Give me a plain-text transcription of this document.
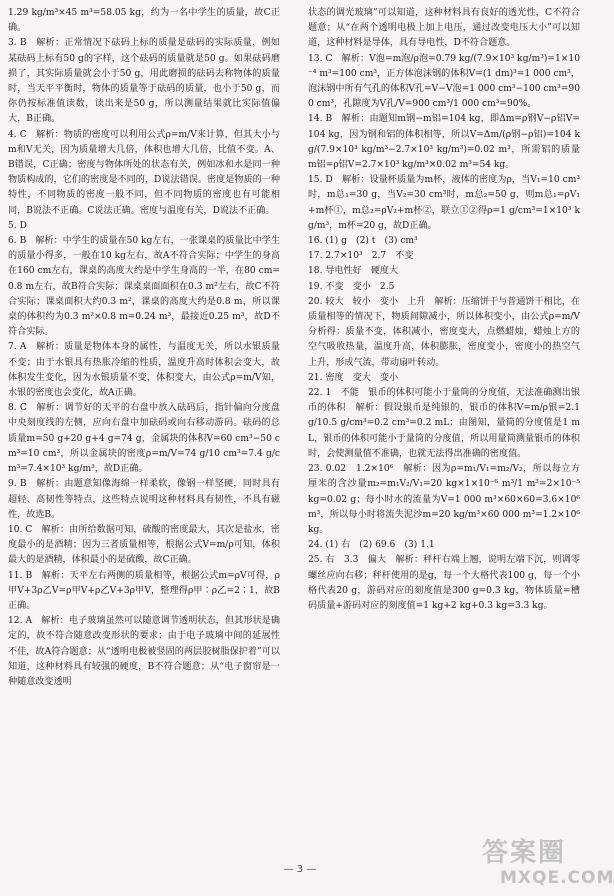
1.29 kg/m³×45 m³=58.05 kg，约为一名中学生的质量，故C正确。

3. B　解析：正常情况下砝码上标的质量是砝码的实际质量，例如某砝码上标有50 g的字样，这个砝码的质量就是50 g。如果砝码磨损了，其实际质量就会小于50 g，用此磨损的砝码去称物体的质量时，当天平平衡时，物体的质量等于砝码的质量，也小于50 g，而你仍按标准值读数，读出来是50 g，所以测量结果就比实际值偏大，B正确。

4. C　解析：物质的密度可以利用公式ρ=m/V来计算，但其大小与m和V无关，因为质量增大几倍，体积也增大几倍，比值不变。A、B错误，C正确；密度与物体所处的状态有关，例如冰和水是同一种物质构成的，它们的密度是不同的，D说法错误。密度是物质的一种特性，不同物质的密度一般不同，但不同物质的密度也有可能相同，B说法不正确。C说法正确。密度与温度有关，D说法不正确。

5. D

6. B　解析：中学生的质量在50 kg左右，一张课桌的质量比中学生的质量小得多，一般在10 kg左右，故A不符合实际；中学生的身高在160 cm左右，课桌的高度大约是中学生身高的一半，在80 cm=0.8 m左右，故B符合实际；课桌桌面面积在0.3 m²左右，故C不符合实际；课桌面积大约0.3 m²，课桌的高度大约是0.8 m，所以课桌的体积约为0.3 m²×0.8 m=0.24 m³，最接近0.25 m³，故D不符合实际。

7. A　解析：质量是物体本身的属性，与温度无关，所以水银质量不变；由于水银具有热胀冷缩的性质，温度升高时体积会变大，故体积发生变化，因为水银质量不变，体积变大，由公式ρ=m/V知，水银的密度也会变化，故A正确。

8. C　解析：调节好的天平的右盘中放入砝码后，指针偏向分度盘中央刻度线的左侧，应向右盘中加砝码或向右移动游码。砝码的总质量m=50 g+20 g+4 g=74 g，金属块的体积V=60 cm³−50 cm³=10 cm³，所以金属块的密度ρ=m/V=74 g/10 cm³=7.4 g/cm³=7.4×10³ kg/m³，故D正确。

9. B　解析：由题意知像海绵一样柔软，像钢一样坚硬，同时具有超轻、高韧性等特点，这些特点说明这种材料具有韧性，不具有磁性，故选B。

10. C　解析：由所给数据可知，硫酸的密度最大，其次是盐水，密度最小的是酒精；因为三者质量相等，根据公式V=m/ρ可知，体积最大的是酒精，体积最小的是硫酸，故C正确。

11. B　解析：天平左右两侧的质量相等，根据公式m=ρV可得，ρ甲V+3ρ乙V=ρ甲V+ρ乙V+3ρ甲V，整理得ρ甲∶ρ乙=2∶1，故B正确。

12. A　解析：电子玻璃虽然可以随意调节透明状态，但其形状是确定的，故不符合随意改变形状的要求；由于电子玻璃中间的延展性不佳，故A符合题意；从“透明电极被竖固的两层胶树脂保护着”可以知道，这种材料具有较强的硬度，B不符合题意；从“电子窗帘是一种随意改变透明

状态的调光玻璃”可以知道，这种材料具有良好的透光性，C不符合题意；从“在两个透明电极上加上电压，通过改变电压大小”可以知道，这种材料是导体，具有导电性，D不符合题意。

13. C　解析：V泡=m泡/ρ泡=0.79 kg/(7.9×10³ kg/m³)=1×10⁻⁴ m³=100 cm³，正方体泡沫钢的体积V=(1 dm)³=1 000 cm³，泡沫钢中所有气孔的体积V孔=V−V泡=1 000 cm³−100 cm³=900 cm³，孔隙度为V孔/V=900 cm³/1 000 cm³=90%。

14. B　解析：由题知m钢−m铝=104 kg，即Δm=ρ钢V−ρ铝V=104 kg，因为钢和铝的体积相等，所以V=Δm/(ρ钢−ρ铝)=104 kg/(7.9×10³ kg/m³−2.7×10³ kg/m³)=0.02 m³，所需铝的质量m铝=ρ铝V=2.7×10³ kg/m³×0.02 m³=54 kg。

15. D　解析：设量杯质量为m杯，液体的密度为ρ，当V₁=10 cm³时，m总₁=30 g，当V₂=30 cm³时，m总₂=50 g，则m总₁=ρV₁+m杯①，m总₂=ρV₂+m杯②，联立①②得ρ=1 g/cm³=1×10³ kg/m³，m杯=20 g，故D正确。

16. (1) g　(2) t　(3) cm³

17. 2.7×10³　2.7　不变

18. 导电性好　硬度大

19. 不变　变小　2.5

20. 较大　较小　变小　上升　解析：压缩饼干与普通饼干相比，在质量相等的情况下，物质间隙减小，所以体积变小，由公式ρ=m/V分析得：质量不变，体积减小，密度变大，点燃蜡烛，蜡烛上方的空气吸收热量，温度升高，体积膨胀，密度变小，密度小的热空气上升，形成气流，带动扇叶转动。

21. 密度　变大　变小

22. 1　不能　银币的体积可能小于量筒的分度值，无法准确测出银币的体积　解析：假设银币是纯银的，银币的体积V=m/ρ银=2.1 g/10.5 g/cm³=0.2 cm³=0.2 mL；由图知，量筒的分度值是1 mL，银币的体积可能小于量筒的分度值，所以用量筒测量银币的体积时，会使测量值不准确，也就无法得出准确的密度值。

23. 0.02　1.2×10⁶　解析：因为ρ=m₁/V₁=m₂/V₂，所以每立方厘米的含沙量m₂=m₁V₂/V₁=20 kg×1×10⁻⁶ m³/1 m³=2×10⁻⁵ kg=0.02 g；每小时水的流量为V=1 000 m³×60×60=3.6×10⁶ m³，所以每小时将流失泥沙m=20 kg/m³×60 000 m³=1.2×10⁶ kg。

24. (1) 右　(2) 69.6　(3) 1.1

25. 右　3.3　偏大　解析：秤杆右端上翘，说明左端下沉，则调零螺丝应向右移；秤杆使用的是g，每一个大格代表100 g，每一个小格代表20 g，游码对应的刻度值是300 g=0.3 kg，物体质量=槽码质量+游码对应的刻度值=1 kg+2 kg+0.3 kg=3.3 kg。

— 3 —
答案圈
MXQE.COM
